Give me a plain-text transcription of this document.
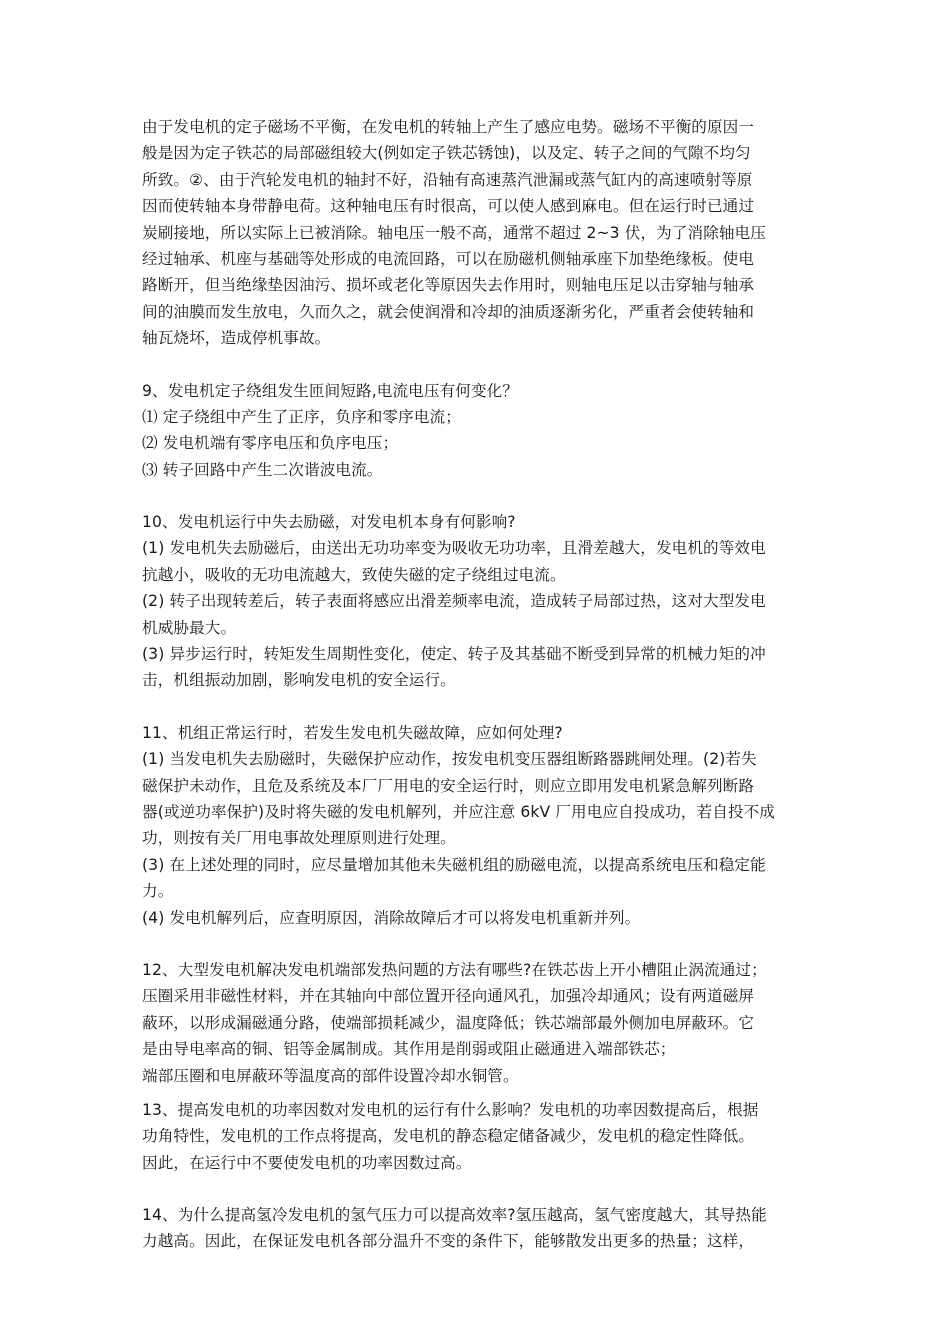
由于发电机的定子磁场不平衡，在发电机的转轴上产生了感应电势。磁场不平衡的原因一
般是因为定子铁芯的局部磁组较大(例如定子铁芯锈蚀)，以及定、转子之间的气隙不均匀
所致。②、由于汽轮发电机的轴封不好，沿轴有高速蒸汽泄漏或蒸气缸内的高速喷射等原
因而使转轴本身带静电荷。这种轴电压有时很高，可以使人感到麻电。但在运行时已通过
炭刷接地，所以实际上已被消除。轴电压一般不高，通常不超过 2~3 伏，为了消除轴电压
经过轴承、机座与基础等处形成的电流回路，可以在励磁机侧轴承座下加垫绝缘板。使电
路断开，但当绝缘垫因油污、损坏或老化等原因失去作用时，则轴电压足以击穿轴与轴承
间的油膜而发生放电，久而久之，就会使润滑和冷却的油质逐渐劣化，严重者会使转轴和
轴瓦烧坏，造成停机事故。
9、发电机定子绕组发生匝间短路,电流电压有何变化？
⑴ 定子绕组中产生了正序，负序和零序电流；
⑵ 发电机端有零序电压和负序电压；
⑶ 转子回路中产生二次谐波电流。
10、发电机运行中失去励磁，对发电机本身有何影响?
(1) 发电机失去励磁后，由送出无功功率变为吸收无功功率，且滑差越大，发电机的等效电
抗越小，吸收的无功电流越大，致使失磁的定子绕组过电流。
(2) 转子出现转差后，转子表面将感应出滑差频率电流，造成转子局部过热，这对大型发电
机威胁最大。
(3) 异步运行时，转矩发生周期性变化，使定、转子及其基础不断受到异常的机械力矩的冲
击，机组振动加剧，影响发电机的安全运行。
11、机组正常运行时，若发生发电机失磁故障，应如何处理?
(1) 当发电机失去励磁时，失磁保护应动作，按发电机变压器组断路器跳闸处理。(2)若失
磁保护未动作，且危及系统及本厂厂用电的安全运行时，则应立即用发电机紧急解列断路
器(或逆功率保护)及时将失磁的发电机解列，并应注意 6kV 厂用电应自投成功，若自投不成
功，则按有关厂用电事故处理原则进行处理。
(3) 在上述处理的同时，应尽量增加其他未失磁机组的励磁电流，以提高系统电压和稳定能
力。
(4) 发电机解列后，应查明原因，消除故障后才可以将发电机重新并列。
12、大型发电机解决发电机端部发热问题的方法有哪些?在铁芯齿上开小槽阻止涡流通过；
压圈采用非磁性材料，并在其轴向中部位置开径向通风孔，加强冷却通风；设有两道磁屏
蔽环，以形成漏磁通分路，使端部损耗减少，温度降低；铁芯端部最外侧加电屏蔽环。它
是由导电率高的铜、铝等金属制成。其作用是削弱或阻止磁通进入端部铁芯；
端部压圈和电屏蔽环等温度高的部件设置冷却水铜管。
13、提高发电机的功率因数对发电机的运行有什么影响？发电机的功率因数提高后，根据
功角特性，发电机的工作点将提高，发电机的静态稳定储备减少，发电机的稳定性降低。
因此，在运行中不要使发电机的功率因数过高。
14、为什么提高氢冷发电机的氢气压力可以提高效率?氢压越高，氢气密度越大，其导热能
力越高。因此，在保证发电机各部分温升不变的条件下，能够散发出更多的热量；这样，
